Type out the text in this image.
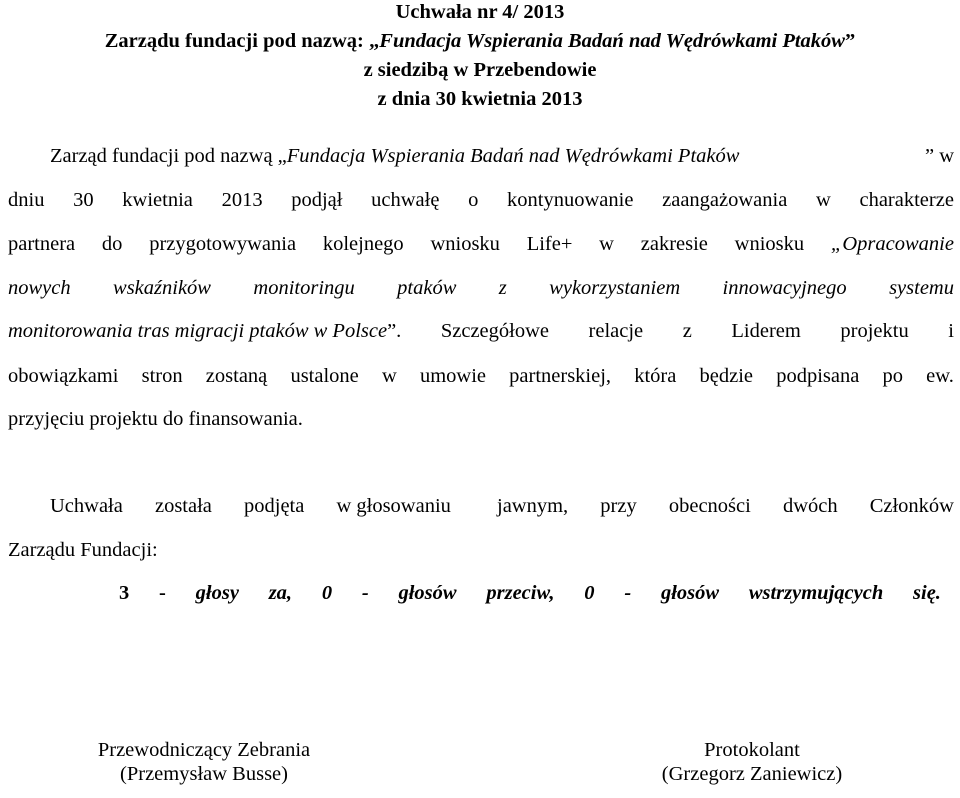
Uchwała nr 4/ 2013
Zarządu fundacji pod nazwą: „Fundacja Wspierania Badań nad Wędrówkami Ptaków”
z siedzibą w Przebendowie
z dnia 30 kwietnia 2013
Zarząd fundacji pod nazwą „Fundacja Wspierania Badań nad Wędrówkami Ptaków	” w
dniu 30 kwietnia 2013 podjął uchwałę o kontynuowanie zaangażowania w charakterze
partnera do przygotowywania kolejnego wniosku Life+ w zakresie wniosku „Opracowanie
nowych wskaźników monitoringu ptaków z wykorzystaniem innowacyjnego systemu
monitorowania tras migracji ptaków w Polsce”. Szczegółowe relacje z Liderem projektu i
obowiązkami stron zostaną ustalone w umowie partnerskiej, która będzie podpisana po ew.
przyjęciu projektu do finansowania.
Uchwała została podjęta w głosowaniu jawnym, przy obecności dwóch Członków
Zarządu Fundacji:
3 - głosy za, 0 - głosów przeciw, 0 - głosów wstrzymujących się.
Przewodniczący Zebrania
(Przemysław Busse)
Protokolant
(Grzegorz Zaniewicz)
